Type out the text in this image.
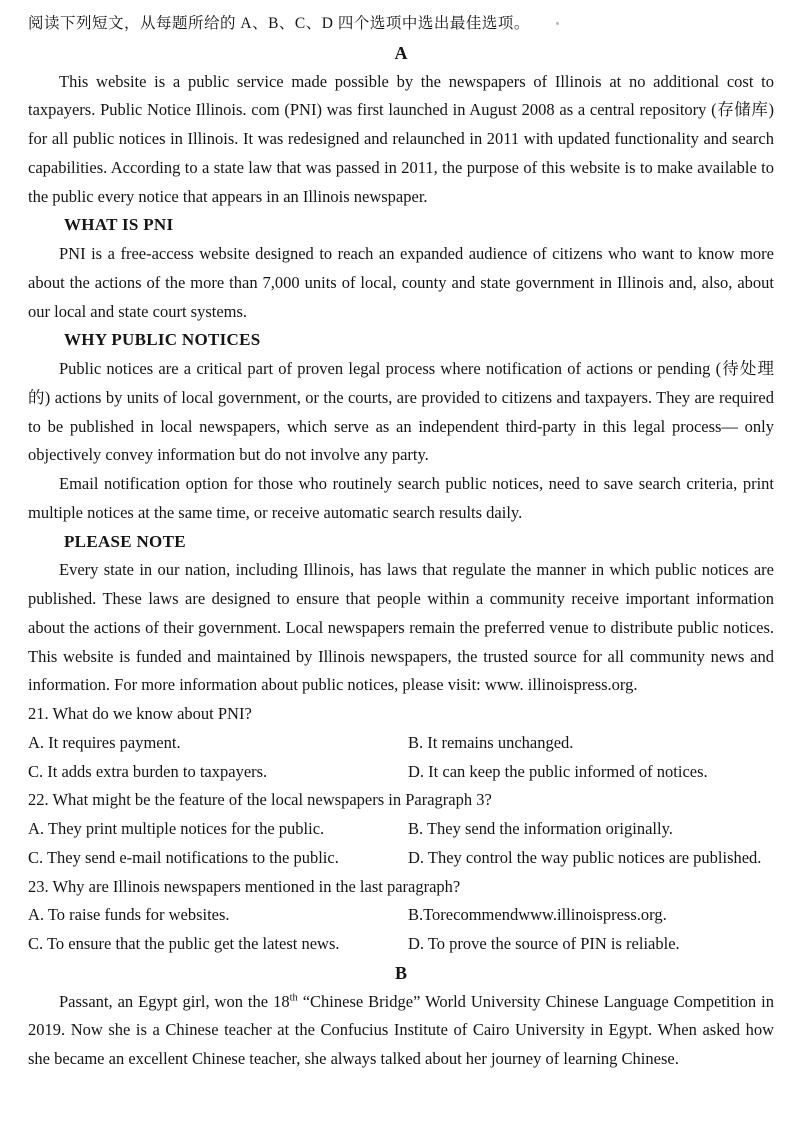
阅读下列短文，从每题所给的 A、B、C、D 四个选项中选出最佳选项。
A

This website is a public service made possible by the newspapers of Illinois at no additional cost to taxpayers. Public Notice Illinois. com (PNI) was first launched in August 2008 as a central repository (存储库) for all public notices in Illinois. It was redesigned and relaunched in 2011 with updated functionality and search capabilities. According to a state law that was passed in 2011, the purpose of this website is to make available to the public every notice that appears in an Illinois newspaper.

WHAT IS PNI

PNI is a free-access website designed to reach an expanded audience of citizens who want to know more about the actions of the more than 7,000 units of local, county and state government in Illinois and, also, about our local and state court systems.

WHY PUBLIC NOTICES

Public notices are a critical part of proven legal process where notification of actions or pending (待处理的) actions by units of local government, or the courts, are provided to citizens and taxpayers. They are required to be published in local newspapers, which serve as an independent third-party in this legal process— only objectively convey information but do not involve any party.

Email notification option for those who routinely search public notices, need to save search criteria, print multiple notices at the same time, or receive automatic search results daily.

PLEASE NOTE

Every state in our nation, including Illinois, has laws that regulate the manner in which public notices are published. These laws are designed to ensure that people within a community receive important information about the actions of their government. Local newspapers remain the preferred venue to distribute public notices. This website is funded and maintained by Illinois newspapers, the trusted source for all community news and information. For more information about public notices, please visit: www. illinoispress.org.

21. What do we know about PNI?
A. It requires payment.	B. It remains unchanged.
C. It adds extra burden to taxpayers.	D. It can keep the public informed of notices.
22. What might be the feature of the local newspapers in Paragraph 3?
A. They print multiple notices for the public.	B. They send the information originally.
C. They send e-mail notifications to the public.	D. They control the way public notices are published.
23. Why are Illinois newspapers mentioned in the last paragraph?
A. To raise funds for websites.	B.Torecommendwww.illinoispress.org.
C. To ensure that the public get the latest news.	D. To prove the source of PIN is reliable.
B

Passant, an Egypt girl, won the 18th “Chinese Bridge” World University Chinese Language Competition in 2019. Now she is a Chinese teacher at the Confucius Institute of Cairo University in Egypt. When asked how she became an excellent Chinese teacher, she always talked about her journey of learning Chinese.
